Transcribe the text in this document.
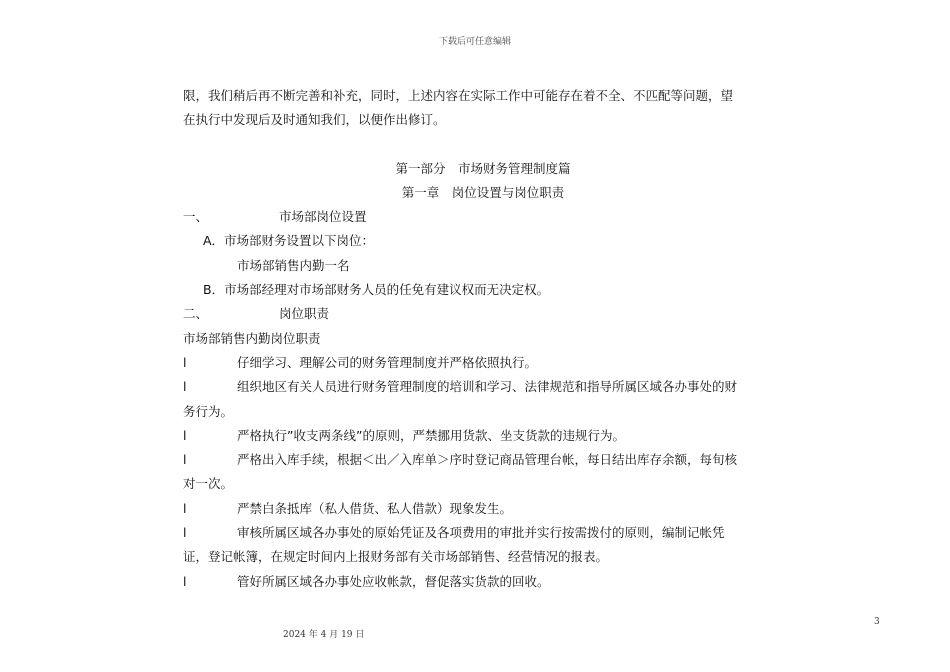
下载后可任意编辑
限，我们稍后再不断完善和补充，同时，上述内容在实际工作中可能存在着不全、不匹配等问题，望
在执行中发现后及时通知我们，以便作出修订。
第一部分　市场财务管理制度篇
第一章　岗位设置与岗位职责
一、	市场部岗位设置
A．市场部财务设置以下岗位：
市场部销售内勤一名
B．市场部经理对市场部财务人员的任免有建议权而无决定权。
二、	岗位职责
市场部销售内勤岗位职责
l	仔细学习、理解公司的财务管理制度并严格依照执行。
l	组织地区有关人员进行财务管理制度的培训和学习、法律规范和指导所属区域各办事处的财
务行为。
l	严格执行”收支两条线”的原则，严禁挪用货款、坐支货款的违规行为。
l	严格出入库手续，根据＜出／入库单＞序时登记商品管理台帐，每日结出库存余额，每旬核
对一次。
l	严禁白条抵库（私人借货、私人借款）现象发生。
l	审核所属区域各办事处的原始凭证及各项费用的审批并实行按需拨付的原则，编制记帐凭
证，登记帐簿，在规定时间内上报财务部有关市场部销售、经营情况的报表。
l	管好所属区域各办事处应收帐款，督促落实货款的回收。
2024 年 4 月 19 日
3
